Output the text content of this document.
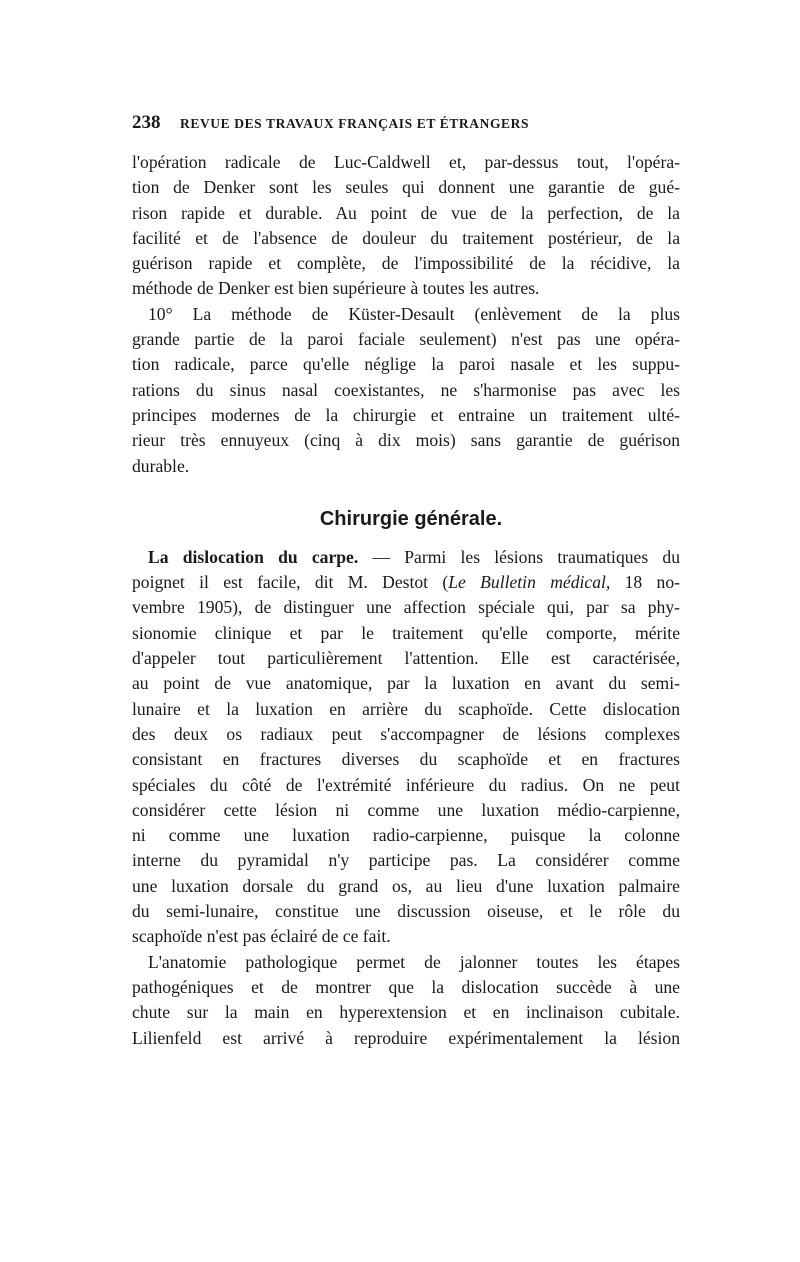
238	REVUE DES TRAVAUX FRANÇAIS ET ÉTRANGERS

l'opération radicale de Luc-Caldwell et, par-dessus tout, l'opéra-
tion de Denker sont les seules qui donnent une garantie de gué-
rison rapide et durable. Au point de vue de la perfection, de la
facilité et de l'absence de douleur du traitement postérieur, de la
guérison rapide et complète, de l'impossibilité de la récidive, la
méthode de Denker est bien supérieure à toutes les autres.

10° La méthode de Küster-Desault (enlèvement de la plus
grande partie de la paroi faciale seulement) n'est pas une opéra-
tion radicale, parce qu'elle néglige la paroi nasale et les suppu-
rations du sinus nasal coexistantes, ne s'harmonise pas avec les
principes modernes de la chirurgie et entraine un traitement ulté-
rieur très ennuyeux (cinq à dix mois) sans garantie de guérison
durable.

Chirurgie générale.

La dislocation du carpe. — Parmi les lésions traumatiques du
poignet il est facile, dit M. Destot (Le Bulletin médical, 18 no-
vembre 1905), de distinguer une affection spéciale qui, par sa phy-
sionomie clinique et par le traitement qu'elle comporte, mérite
d'appeler tout particulièrement l'attention. Elle est caractérisée,
au point de vue anatomique, par la luxation en avant du semi-
lunaire et la luxation en arrière du scaphoïde. Cette dislocation
des deux os radiaux peut s'accompagner de lésions complexes
consistant en fractures diverses du scaphoïde et en fractures
spéciales du côté de l'extrémité inférieure du radius. On ne peut
considérer cette lésion ni comme une luxation médio-carpienne,
ni comme une luxation radio-carpienne, puisque la colonne
interne du pyramidal n'y participe pas. La considérer comme
une luxation dorsale du grand os, au lieu d'une luxation palmaire
du semi-lunaire, constitue une discussion oiseuse, et le rôle du
scaphoïde n'est pas éclairé de ce fait.

L'anatomie pathologique permet de jalonner toutes les étapes
pathogéniques et de montrer que la dislocation succède à une
chute sur la main en hyperextension et en inclinaison cubitale.
Lilienfeld est arrivé à reproduire expérimentalement la lésion
